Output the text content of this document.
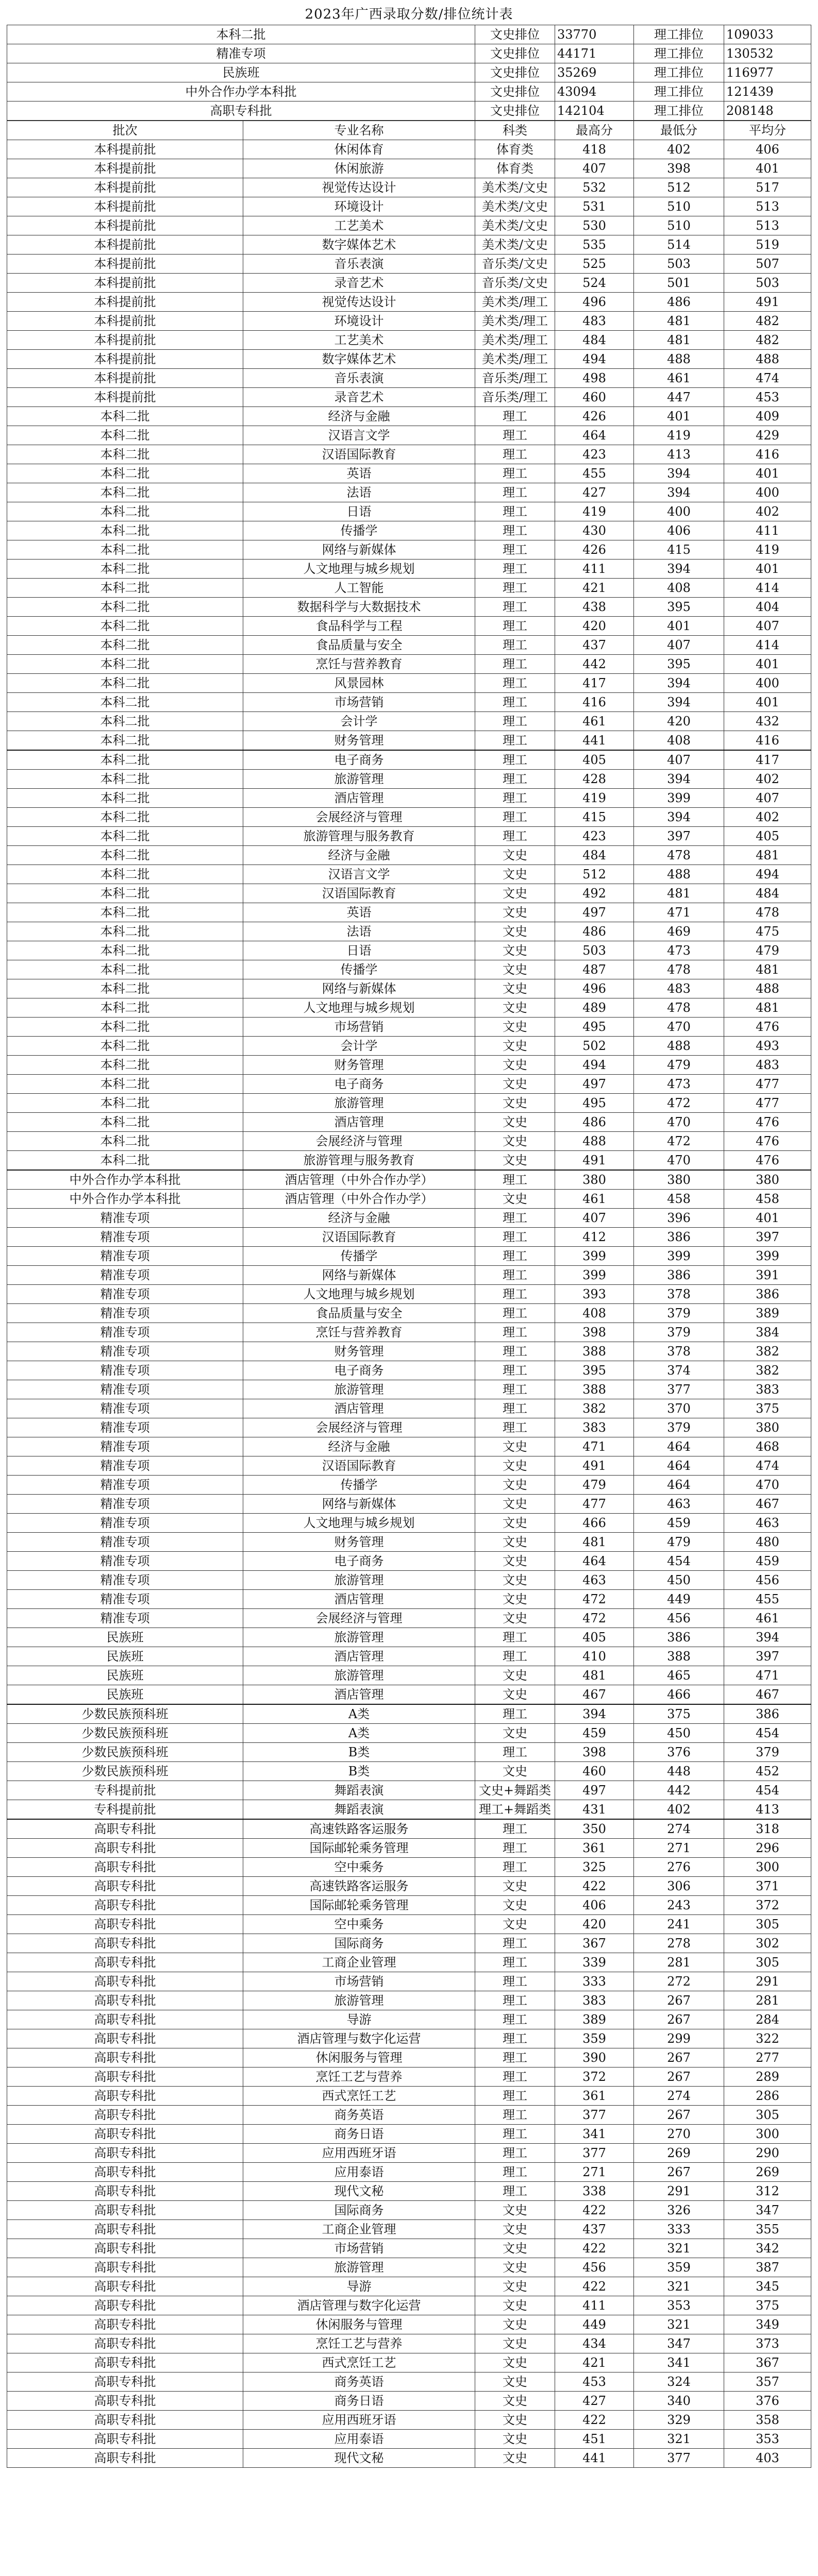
2023年广西录取分数/排位统计表				
本科二批	文史排位	33770	理工排位	109033
精准专项	文史排位	44171	理工排位	130532
民族班	文史排位	35269	理工排位	116977
中外合作办学本科批	文史排位	43094	理工排位	121439
高职专科批	文史排位	142104	理工排位	208148
批次	专业名称	科类	最高分	最低分	平均分
本科提前批	休闲体育	体育类	418	402	406
本科提前批	休闲旅游	体育类	407	398	401
本科提前批	视觉传达设计	美术类/文史	532	512	517
本科提前批	环境设计	美术类/文史	531	510	513
本科提前批	工艺美术	美术类/文史	530	510	513
本科提前批	数字媒体艺术	美术类/文史	535	514	519
本科提前批	音乐表演	音乐类/文史	525	503	507
本科提前批	录音艺术	音乐类/文史	524	501	503
本科提前批	视觉传达设计	美术类/理工	496	486	491
本科提前批	环境设计	美术类/理工	483	481	482
本科提前批	工艺美术	美术类/理工	484	481	482
本科提前批	数字媒体艺术	美术类/理工	494	488	488
本科提前批	音乐表演	音乐类/理工	498	461	474
本科提前批	录音艺术	音乐类/理工	460	447	453
本科二批	经济与金融	理工	426	401	409
本科二批	汉语言文学	理工	464	419	429
本科二批	汉语国际教育	理工	423	413	416
本科二批	英语	理工	455	394	401
本科二批	法语	理工	427	394	400
本科二批	日语	理工	419	400	402
本科二批	传播学	理工	430	406	411
本科二批	网络与新媒体	理工	426	415	419
本科二批	人文地理与城乡规划	理工	411	394	401
本科二批	人工智能	理工	421	408	414
本科二批	数据科学与大数据技术	理工	438	395	404
本科二批	食品科学与工程	理工	420	401	407
本科二批	食品质量与安全	理工	437	407	414
本科二批	烹饪与营养教育	理工	442	395	401
本科二批	风景园林	理工	417	394	400
本科二批	市场营销	理工	416	394	401
本科二批	会计学	理工	461	420	432
本科二批	财务管理	理工	441	408	416
本科二批	电子商务	理工	405	407	417
本科二批	旅游管理	理工	428	394	402
本科二批	酒店管理	理工	419	399	407
本科二批	会展经济与管理	理工	415	394	402
本科二批	旅游管理与服务教育	理工	423	397	405
本科二批	经济与金融	文史	484	478	481
本科二批	汉语言文学	文史	512	488	494
本科二批	汉语国际教育	文史	492	481	484
本科二批	英语	文史	497	471	478
本科二批	法语	文史	486	469	475
本科二批	日语	文史	503	473	479
本科二批	传播学	文史	487	478	481
本科二批	网络与新媒体	文史	496	483	488
本科二批	人文地理与城乡规划	文史	489	478	481
本科二批	市场营销	文史	495	470	476
本科二批	会计学	文史	502	488	493
本科二批	财务管理	文史	494	479	483
本科二批	电子商务	文史	497	473	477
本科二批	旅游管理	文史	495	472	477
本科二批	酒店管理	文史	486	470	476
本科二批	会展经济与管理	文史	488	472	476
本科二批	旅游管理与服务教育	文史	491	470	476
中外合作办学本科批	酒店管理（中外合作办学）	理工	380	380	380
中外合作办学本科批	酒店管理（中外合作办学）	文史	461	458	458
精准专项	经济与金融	理工	407	396	401
精准专项	汉语国际教育	理工	412	386	397
精准专项	传播学	理工	399	399	399
精准专项	网络与新媒体	理工	399	386	391
精准专项	人文地理与城乡规划	理工	393	378	386
精准专项	食品质量与安全	理工	408	379	389
精准专项	烹饪与营养教育	理工	398	379	384
精准专项	财务管理	理工	388	378	382
精准专项	电子商务	理工	395	374	382
精准专项	旅游管理	理工	388	377	383
精准专项	酒店管理	理工	382	370	375
精准专项	会展经济与管理	理工	383	379	380
精准专项	经济与金融	文史	471	464	468
精准专项	汉语国际教育	文史	491	464	474
精准专项	传播学	文史	479	464	470
精准专项	网络与新媒体	文史	477	463	467
精准专项	人文地理与城乡规划	文史	466	459	463
精准专项	财务管理	文史	481	479	480
精准专项	电子商务	文史	464	454	459
精准专项	旅游管理	文史	463	450	456
精准专项	酒店管理	文史	472	449	455
精准专项	会展经济与管理	文史	472	456	461
民族班	旅游管理	理工	405	386	394
民族班	酒店管理	理工	410	388	397
民族班	旅游管理	文史	481	465	471
民族班	酒店管理	文史	467	466	467
少数民族预科班	A类	理工	394	375	386
少数民族预科班	A类	文史	459	450	454
少数民族预科班	B类	理工	398	376	379
少数民族预科班	B类	文史	460	448	452
专科提前批	舞蹈表演	文史+舞蹈类	497	442	454
专科提前批	舞蹈表演	理工+舞蹈类	431	402	413
高职专科批	高速铁路客运服务	理工	350	274	318
高职专科批	国际邮轮乘务管理	理工	361	271	296
高职专科批	空中乘务	理工	325	276	300
高职专科批	高速铁路客运服务	文史	422	306	371
高职专科批	国际邮轮乘务管理	文史	406	243	372
高职专科批	空中乘务	文史	420	241	305
高职专科批	国际商务	理工	367	278	302
高职专科批	工商企业管理	理工	339	281	305
高职专科批	市场营销	理工	333	272	291
高职专科批	旅游管理	理工	383	267	281
高职专科批	导游	理工	389	267	284
高职专科批	酒店管理与数字化运营	理工	359	299	322
高职专科批	休闲服务与管理	理工	390	267	277
高职专科批	烹饪工艺与营养	理工	372	267	289
高职专科批	西式烹饪工艺	理工	361	274	286
高职专科批	商务英语	理工	377	267	305
高职专科批	商务日语	理工	341	270	300
高职专科批	应用西班牙语	理工	377	269	290
高职专科批	应用泰语	理工	271	267	269
高职专科批	现代文秘	理工	338	291	312
高职专科批	国际商务	文史	422	326	347
高职专科批	工商企业管理	文史	437	333	355
高职专科批	市场营销	文史	422	321	342
高职专科批	旅游管理	文史	456	359	387
高职专科批	导游	文史	422	321	345
高职专科批	酒店管理与数字化运营	文史	411	353	375
高职专科批	休闲服务与管理	文史	449	321	349
高职专科批	烹饪工艺与营养	文史	434	347	373
高职专科批	西式烹饪工艺	文史	421	341	367
高职专科批	商务英语	文史	453	324	357
高职专科批	商务日语	文史	427	340	376
高职专科批	应用西班牙语	文史	422	329	358
高职专科批	应用泰语	文史	451	321	353
高职专科批	现代文秘	文史	441	377	403
